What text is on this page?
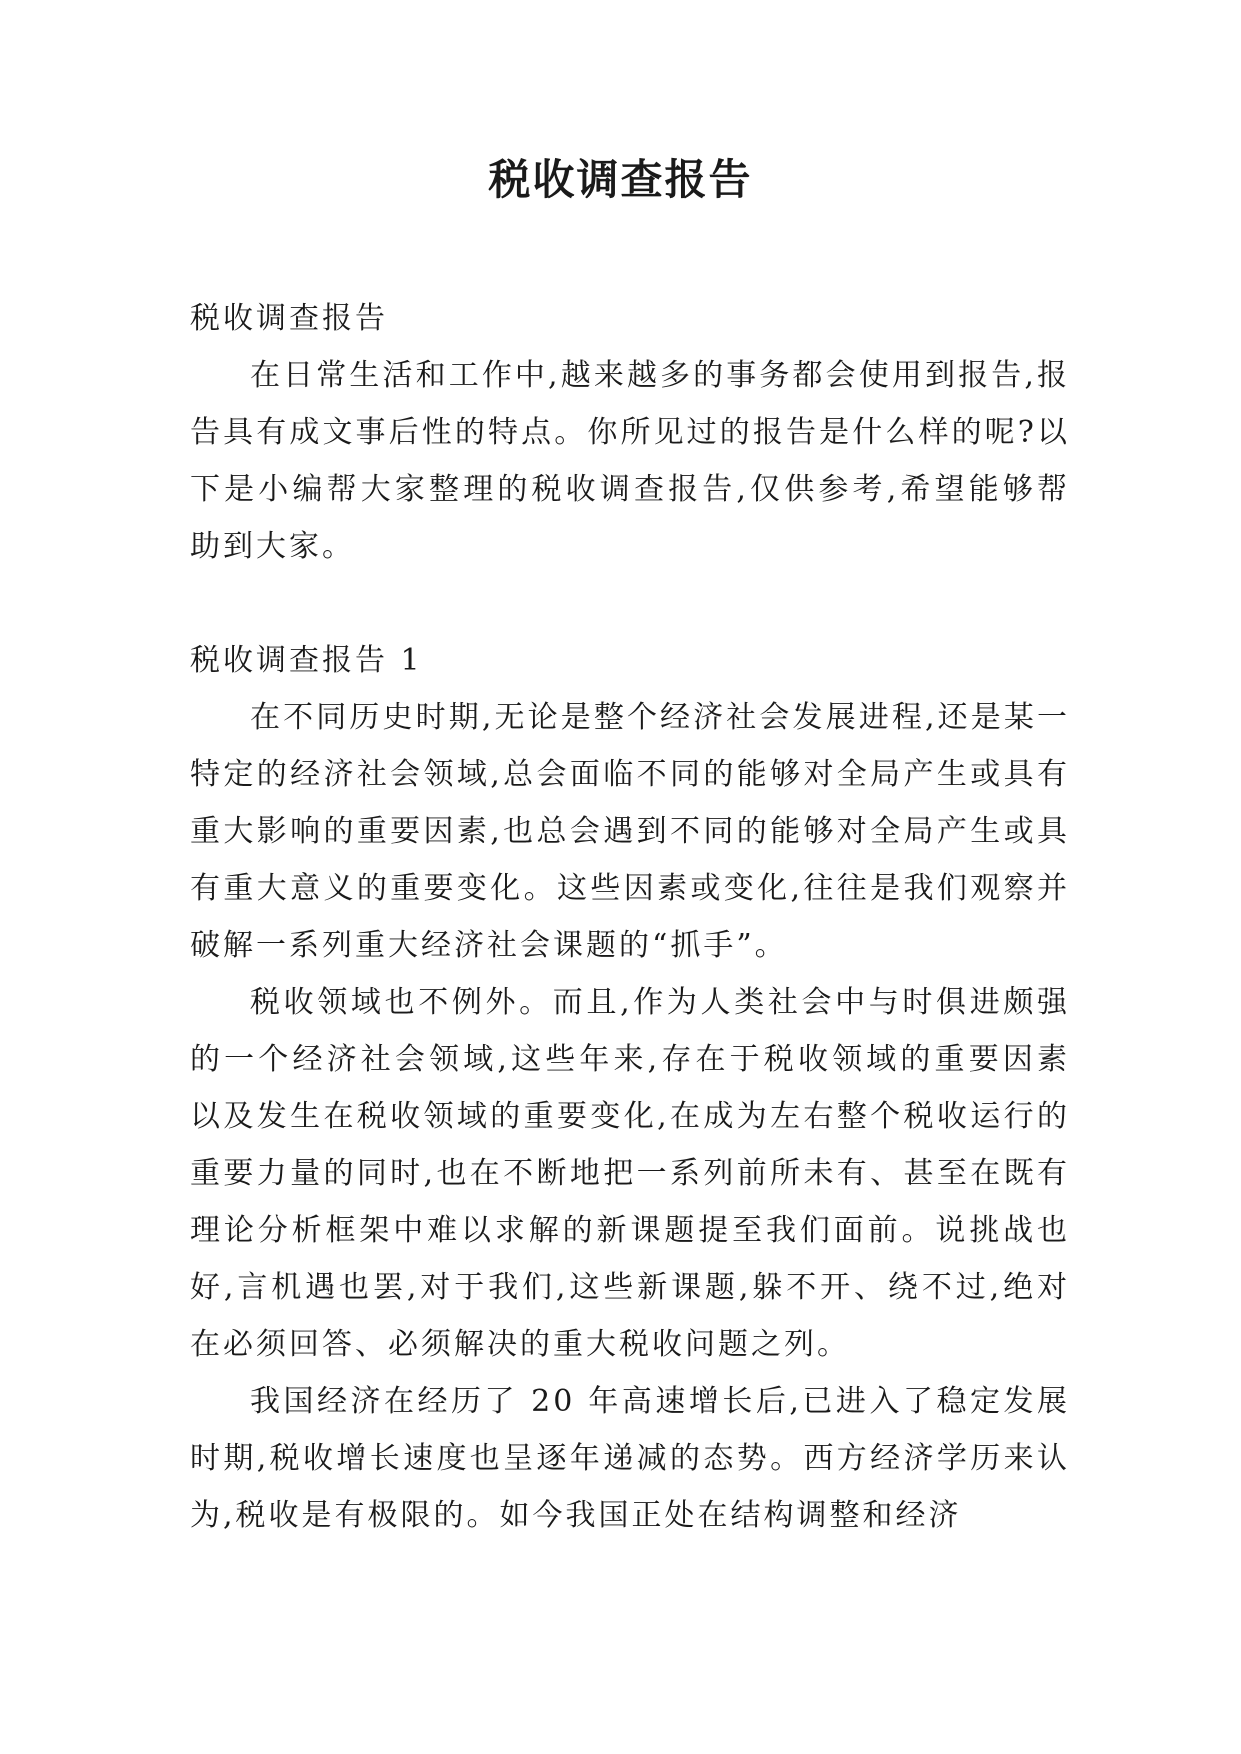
税收调查报告

税收调查报告

在日常生活和工作中,越来越多的事务都会使用到报告,报告具有成文事后性的特点。你所见过的报告是什么样的呢?以下是小编帮大家整理的税收调查报告,仅供参考,希望能够帮助到大家。

税收调查报告 1

在不同历史时期,无论是整个经济社会发展进程,还是某一特定的经济社会领域,总会面临不同的能够对全局产生或具有重大影响的重要因素,也总会遇到不同的能够对全局产生或具有重大意义的重要变化。这些因素或变化,往往是我们观察并破解一系列重大经济社会课题的“抓手”。

税收领域也不例外。而且,作为人类社会中与时俱进颇强的一个经济社会领域,这些年来,存在于税收领域的重要因素以及发生在税收领域的重要变化,在成为左右整个税收运行的重要力量的同时,也在不断地把一系列前所未有、甚至在既有理论分析框架中难以求解的新课题提至我们面前。说挑战也好,言机遇也罢,对于我们,这些新课题,躲不开、绕不过,绝对在必须回答、必须解决的重大税收问题之列。

我国经济在经历了 20 年高速增长后,已进入了稳定发展时期,税收增长速度也呈逐年递减的态势。西方经济学历来认为,税收是有极限的。如今我国正处在结构调整和经济
